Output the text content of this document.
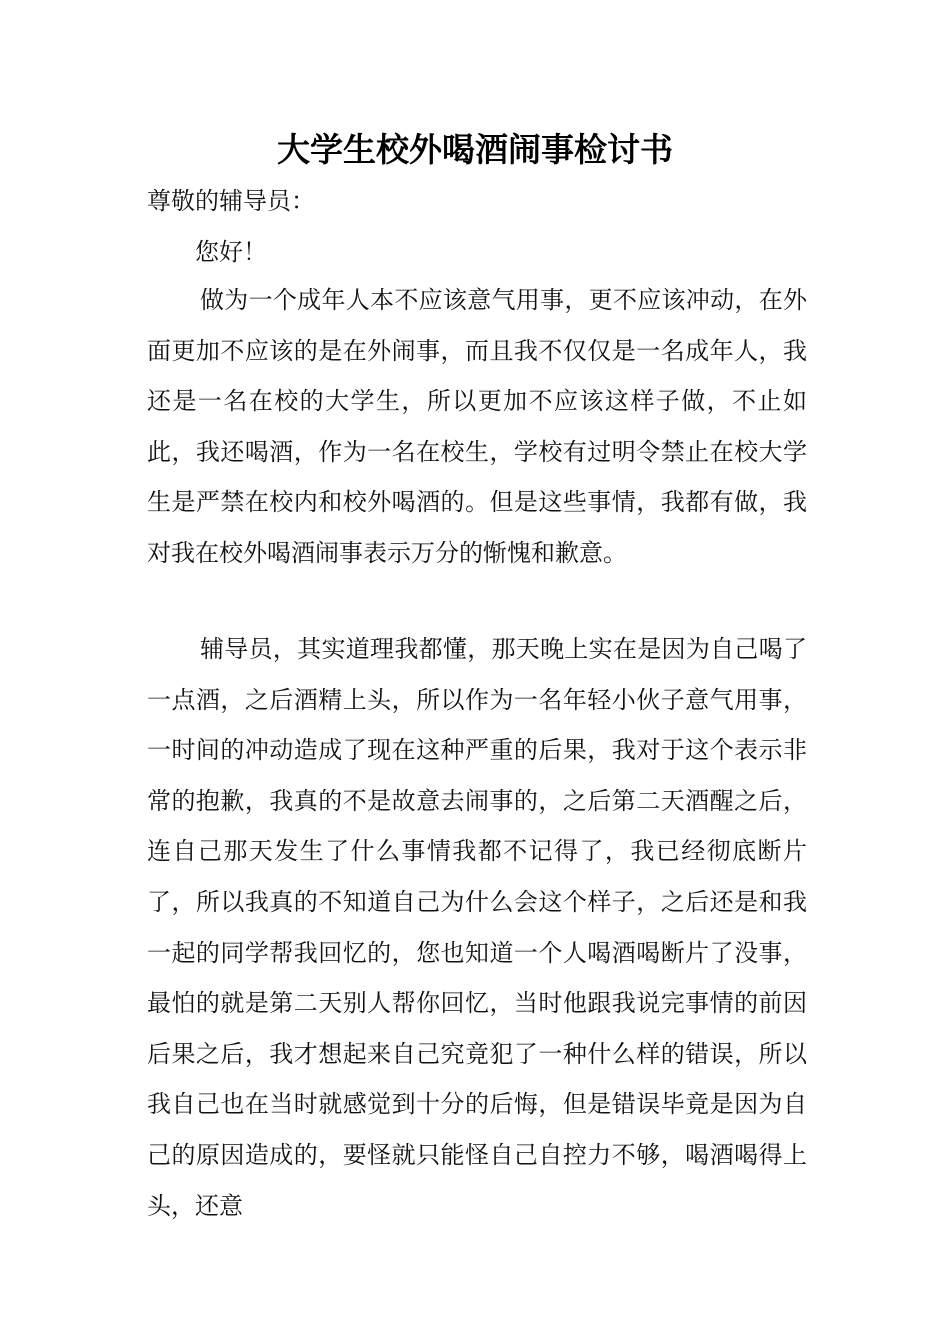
大学生校外喝酒闹事检讨书

尊敬的辅导员：

您好！

做为一个成年人本不应该意气用事，更不应该冲动，在外面更加不应该的是在外闹事，而且我不仅仅是一名成年人，我还是一名在校的大学生，所以更加不应该这样子做，不止如此，我还喝酒，作为一名在校生，学校有过明令禁止在校大学生是严禁在校内和校外喝酒的。但是这些事情，我都有做，我对我在校外喝酒闹事表示万分的惭愧和歉意。

辅导员，其实道理我都懂，那天晚上实在是因为自己喝了一点酒，之后酒精上头，所以作为一名年轻小伙子意气用事，一时间的冲动造成了现在这种严重的后果，我对于这个表示非常的抱歉，我真的不是故意去闹事的，之后第二天酒醒之后，连自己那天发生了什么事情我都不记得了，我已经彻底断片了，所以我真的不知道自己为什么会这个样子，之后还是和我一起的同学帮我回忆的，您也知道一个人喝酒喝断片了没事，最怕的就是第二天别人帮你回忆，当时他跟我说完事情的前因后果之后，我才想起来自己究竟犯了一种什么样的错误，所以我自己也在当时就感觉到十分的后悔，但是错误毕竟是因为自己的原因造成的，要怪就只能怪自己自控力不够，喝酒喝得上头，还意
